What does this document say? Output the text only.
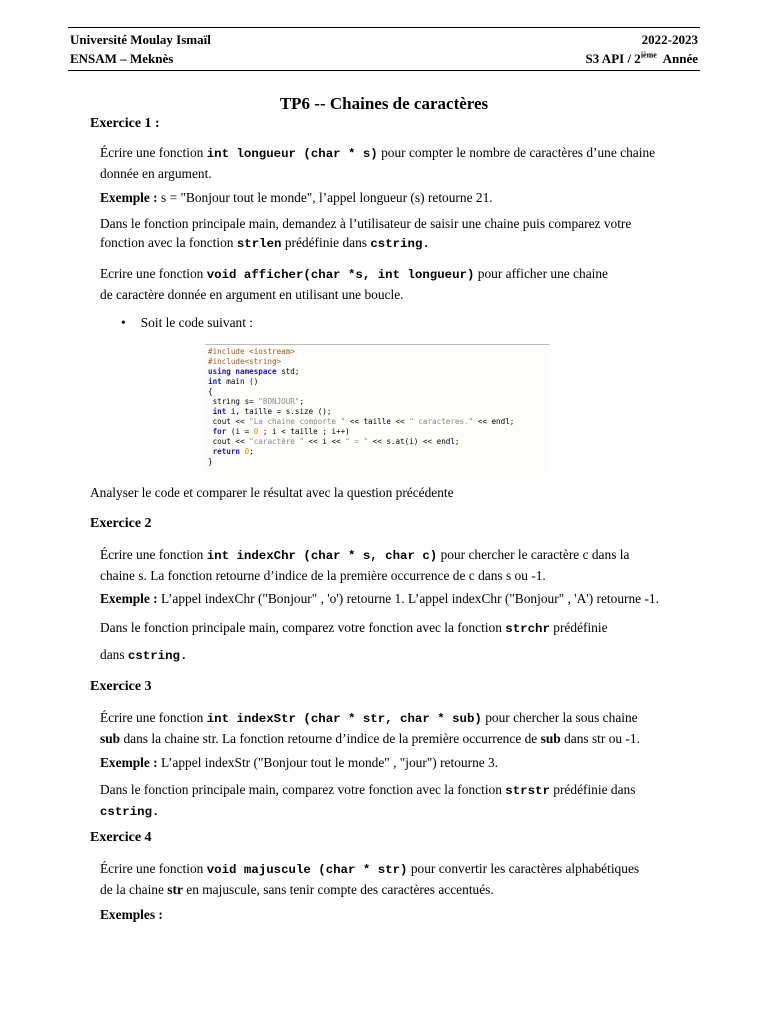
Université Moulay Ismaïl
ENSAM – Meknès
2022-2023
S3 API / 2ième Année
TP6 -- Chaines de caractères
Exercice 1 :
Écrire une fonction int longueur (char * s) pour compter le nombre de caractères d’une chaine
donnée en argument.
Exemple : s = "Bonjour tout le monde", l’appel longueur (s) retourne 21.
Dans le fonction principale main, demandez à l’utilisateur de saisir une chaine puis comparez votre
fonction avec la fonction strlen prédéfinie dans cstring.
Ecrire une fonction void afficher(char *s, int longueur) pour afficher une chaine
de caractère donnée en argument en utilisant une boucle.
• Soit le code suivant :
#include <iostream>
#include<string>
using namespace std;
int main ()
{
string s= "BONJOUR";
int i, taille = s.size ();
cout << "La chaine comporte " << taille << " caracteres." << endl;
for (i = 0 ; i < taille ; i++)
cout << "caractère " << i << " = " << s.at(i) << endl;
return 0;
}
Analyser le code et comparer le résultat avec la question précédente
Exercice 2
Écrire une fonction int indexChr (char * s, char c) pour chercher le caractère c dans la
chaine s. La fonction retourne d’indice de la première occurrence de c dans s ou -1.
Exemple : L’appel indexChr ("Bonjour" , 'o') retourne 1. L’appel indexChr ("Bonjour" , 'A') retourne -1.
Dans le fonction principale main, comparez votre fonction avec la fonction strchr prédéfinie
dans cstring.
Exercice 3
Écrire une fonction int indexStr (char * str, char * sub) pour chercher la sous chaine
sub dans la chaine str. La fonction retourne d’indice de la première occurrence de sub dans str ou -1.
Exemple : L’appel indexStr ("Bonjour tout le monde" , "jour") retourne 3.
Dans le fonction principale main, comparez votre fonction avec la fonction strstr prédéfinie dans
cstring.
Exercice 4
Écrire une fonction void majuscule (char * str) pour convertir les caractères alphabétiques
de la chaine str en majuscule, sans tenir compte des caractères accentués.
Exemples :
